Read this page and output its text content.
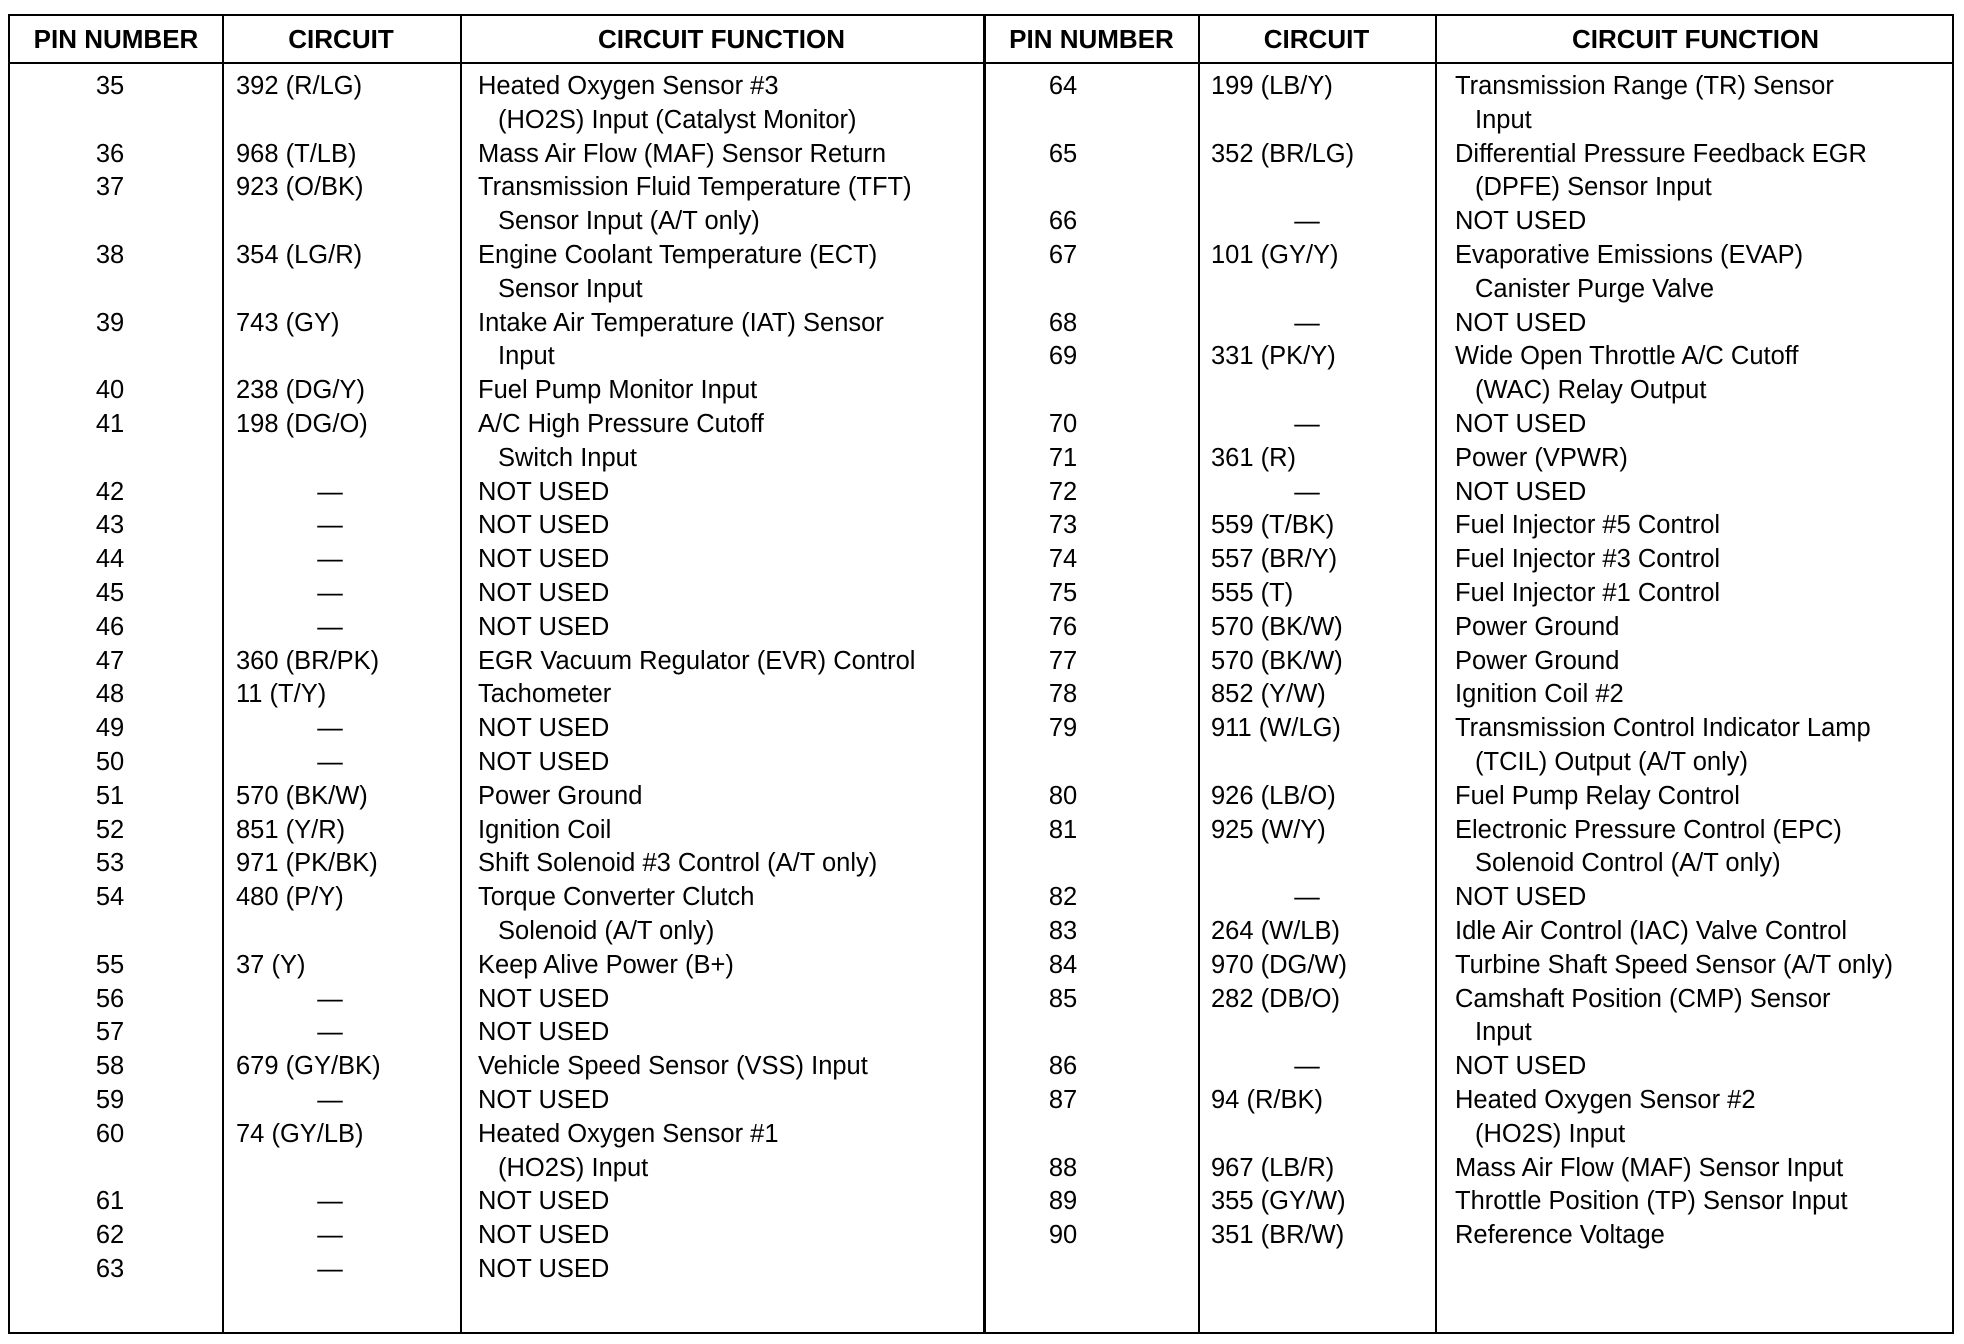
PIN NUMBER	CIRCUIT	CIRCUIT FUNCTION	PIN NUMBER	CIRCUIT	CIRCUIT FUNCTION
35	392 (R/LG)	Heated Oxygen Sensor #3
(HO2S) Input (Catalyst Monitor)
36	968 (T/LB)	Mass Air Flow (MAF) Sensor Return
37	923 (O/BK)	Transmission Fluid Temperature (TFT)
Sensor Input (A/T only)
38	354 (LG/R)	Engine Coolant Temperature (ECT)
Sensor Input
39	743 (GY)	Intake Air Temperature (IAT) Sensor
Input
40	238 (DG/Y)	Fuel Pump Monitor Input
41	198 (DG/O)	A/C High Pressure Cutoff
Switch Input
42	—	NOT USED
43	—	NOT USED
44	—	NOT USED
45	—	NOT USED
46	—	NOT USED
47	360 (BR/PK)	EGR Vacuum Regulator (EVR) Control
48	11 (T/Y)	Tachometer
49	—	NOT USED
50	—	NOT USED
51	570 (BK/W)	Power Ground
52	851 (Y/R)	Ignition Coil
53	971 (PK/BK)	Shift Solenoid #3 Control (A/T only)
54	480 (P/Y)	Torque Converter Clutch
Solenoid (A/T only)
55	37 (Y)	Keep Alive Power (B+)
56	—	NOT USED
57	—	NOT USED
58	679 (GY/BK)	Vehicle Speed Sensor (VSS) Input
59	—	NOT USED
60	74 (GY/LB)	Heated Oxygen Sensor #1
(HO2S) Input
61	—	NOT USED
62	—	NOT USED
63	—	NOT USED
64	199 (LB/Y)	Transmission Range (TR) Sensor
Input
65	352 (BR/LG)	Differential Pressure Feedback EGR
(DPFE) Sensor Input
66	—	NOT USED
67	101 (GY/Y)	Evaporative Emissions (EVAP)
Canister Purge Valve
68	—	NOT USED
69	331 (PK/Y)	Wide Open Throttle A/C Cutoff
(WAC) Relay Output
70	—	NOT USED
71	361 (R)	Power (VPWR)
72	—	NOT USED
73	559 (T/BK)	Fuel Injector #5 Control
74	557 (BR/Y)	Fuel Injector #3 Control
75	555 (T)	Fuel Injector #1 Control
76	570 (BK/W)	Power Ground
77	570 (BK/W)	Power Ground
78	852 (Y/W)	Ignition Coil #2
79	911 (W/LG)	Transmission Control Indicator Lamp
(TCIL) Output (A/T only)
80	926 (LB/O)	Fuel Pump Relay Control
81	925 (W/Y)	Electronic Pressure Control (EPC)
Solenoid Control (A/T only)
82	—	NOT USED
83	264 (W/LB)	Idle Air Control (IAC) Valve Control
84	970 (DG/W)	Turbine Shaft Speed Sensor (A/T only)
85	282 (DB/O)	Camshaft Position (CMP) Sensor
Input
86	—	NOT USED
87	94 (R/BK)	Heated Oxygen Sensor #2
(HO2S) Input
88	967 (LB/R)	Mass Air Flow (MAF) Sensor Input
89	355 (GY/W)	Throttle Position (TP) Sensor Input
90	351 (BR/W)	Reference Voltage
